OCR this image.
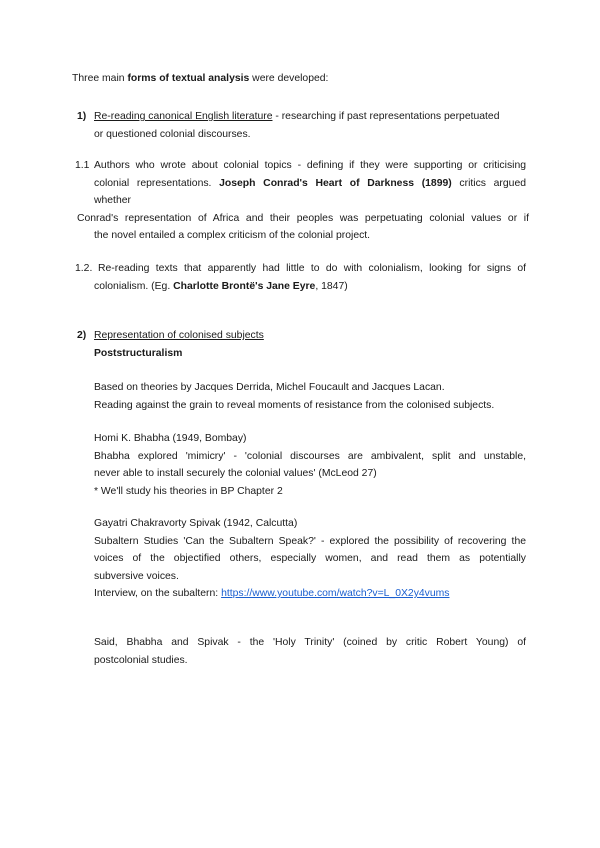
Three main forms of textual analysis were developed:
1) Re-reading canonical English literature - researching if past representations perpetuated
or questioned colonial discourses.
1.1 Authors who wrote about colonial topics - defining if they were supporting or criticising
colonial representations. Joseph Conrad's Heart of Darkness (1899) critics argued
whether
Conrad's representation of Africa and their peoples was perpetuating colonial values or if
the novel entailed a complex criticism of the colonial project.
1.2. Re-reading texts that apparently had little to do with colonialism, looking for signs of
colonialism. (Eg. Charlotte Brontë's Jane Eyre, 1847)
2) Representation of colonised subjects
Poststructuralism
Based on theories by Jacques Derrida, Michel Foucault and Jacques Lacan.
Reading against the grain to reveal moments of resistance from the colonised subjects.
Homi K. Bhabha (1949, Bombay)
Bhabha explored 'mimicry' - 'colonial discourses are ambivalent, split and unstable,
never able to install securely the colonial values' (McLeod 27)
* We'll study his theories in BP Chapter 2
Gayatri Chakravorty Spivak (1942, Calcutta)
Subaltern Studies 'Can the Subaltern Speak?' - explored the possibility of recovering the
voices of the objectified others, especially women, and read them as potentially
subversive voices.
Interview, on the subaltern: https://www.youtube.com/watch?v=L_0X2y4vums
Said, Bhabha and Spivak - the 'Holy Trinity' (coined by critic Robert Young) of
postcolonial studies.
